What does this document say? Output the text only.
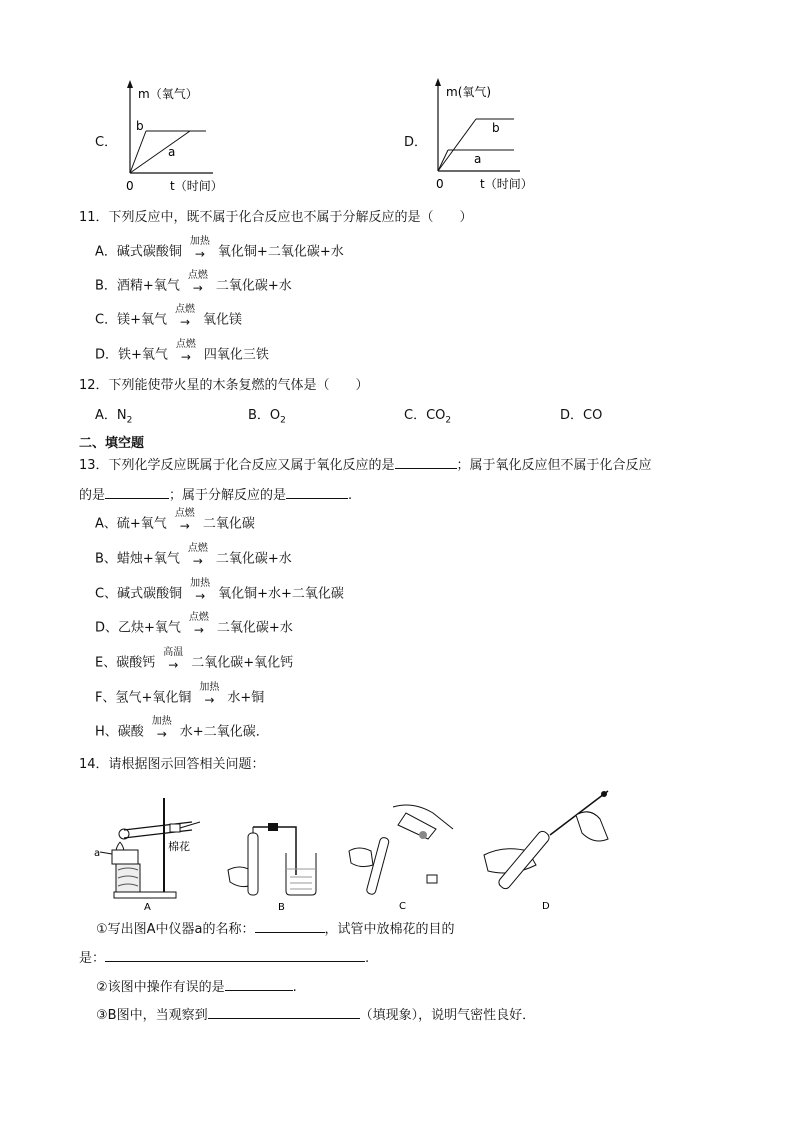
C．
m（氧气）
b
a
0	t（时间）
D．
m(氧气)
b
a
0	t（时间）
11．下列反应中，既不属于化合反应也不属于分解反应的是（　　）
A．碱式碳酸铜
加热
→ 氧化铜+二氧化碳+水
B．酒精+氧气
点燃
→ 二氧化碳+水
C．镁+氧气
点燃
→ 氧化镁
D．铁+氧气
点燃
→ 四氧化三铁
12．下列能使带火星的木条复燃的气体是（　　）
A．$N_2$	B．$O_2$	C．$CO_2$	D．CO
二、填空题
13．下列化学反应既属于化合反应又属于氧化反应的是	；属于氧化反应但不属于化合反应
的是	；属于分解反应的是	.
A、硫+氧气
点燃
→ 二氧化碳
B、蜡烛+氧气
点燃
→ 二氧化碳+水
C、碱式碳酸铜
加热
→ 氧化铜+水+二氧化碳
D、乙炔+氧气
点燃
→ 二氧化碳+水
E、碳酸钙
高温
→ 二氧化碳+氧化钙
F、氢气+氧化铜
加热
→ 水+铜
H、碳酸
加热
→ 水+二氧化碳．
14．请根据图示回答相关问题：
a
棉花
A	B	C	D
①写出图A中仪器a的名称：	，试管中放棉花的目的
是：	.
②该图中操作有误的是	.
③B图中，当观察到	（填现象），说明气密性良好．
